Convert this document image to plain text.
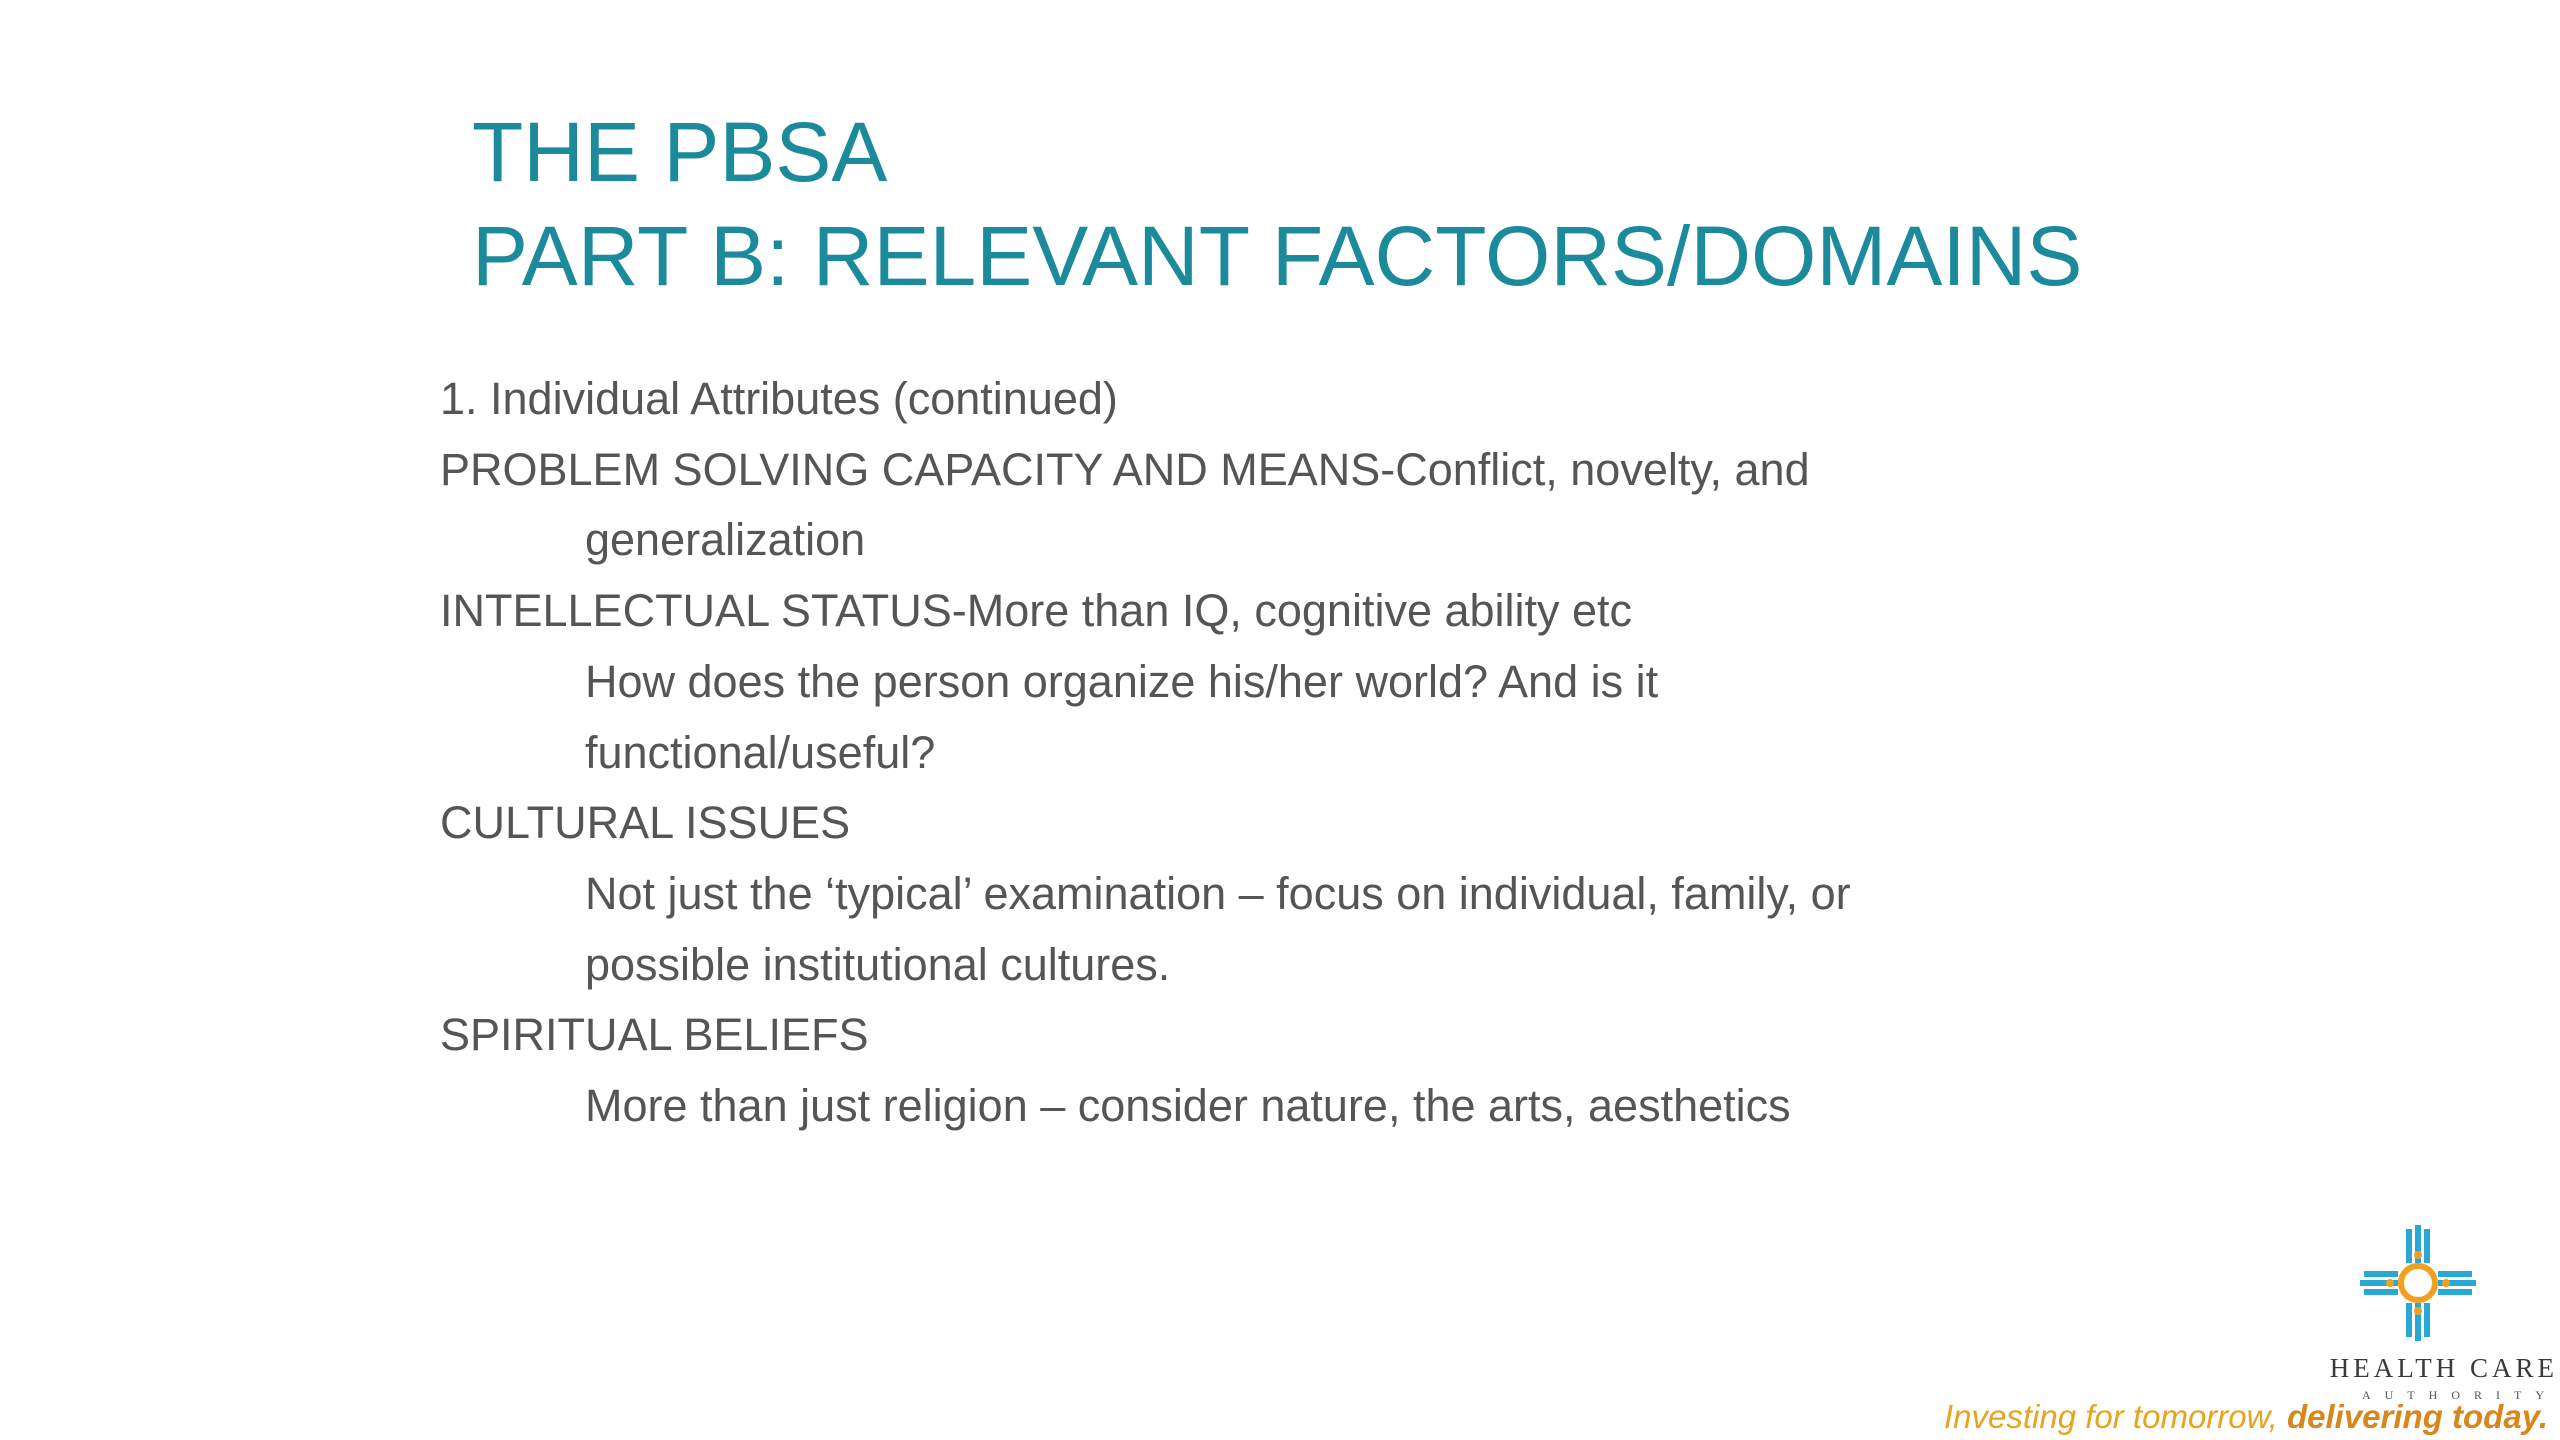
THE PBSA
PART B: RELEVANT FACTORS/DOMAINS
1. Individual Attributes (continued)
PROBLEM SOLVING CAPACITY AND MEANS-Conflict, novelty, and
generalization
INTELLECTUAL STATUS-More than IQ, cognitive ability etc
How does the person organize his/her world? And is it
functional/useful?
CULTURAL ISSUES
Not just the ‘typical’ examination – focus on individual, family, or
possible institutional cultures.
SPIRITUAL BELIEFS
More than just religion – consider nature, the arts, aesthetics
HEALTH CARE
AUTHORITY
Investing for tomorrow, delivering today.
